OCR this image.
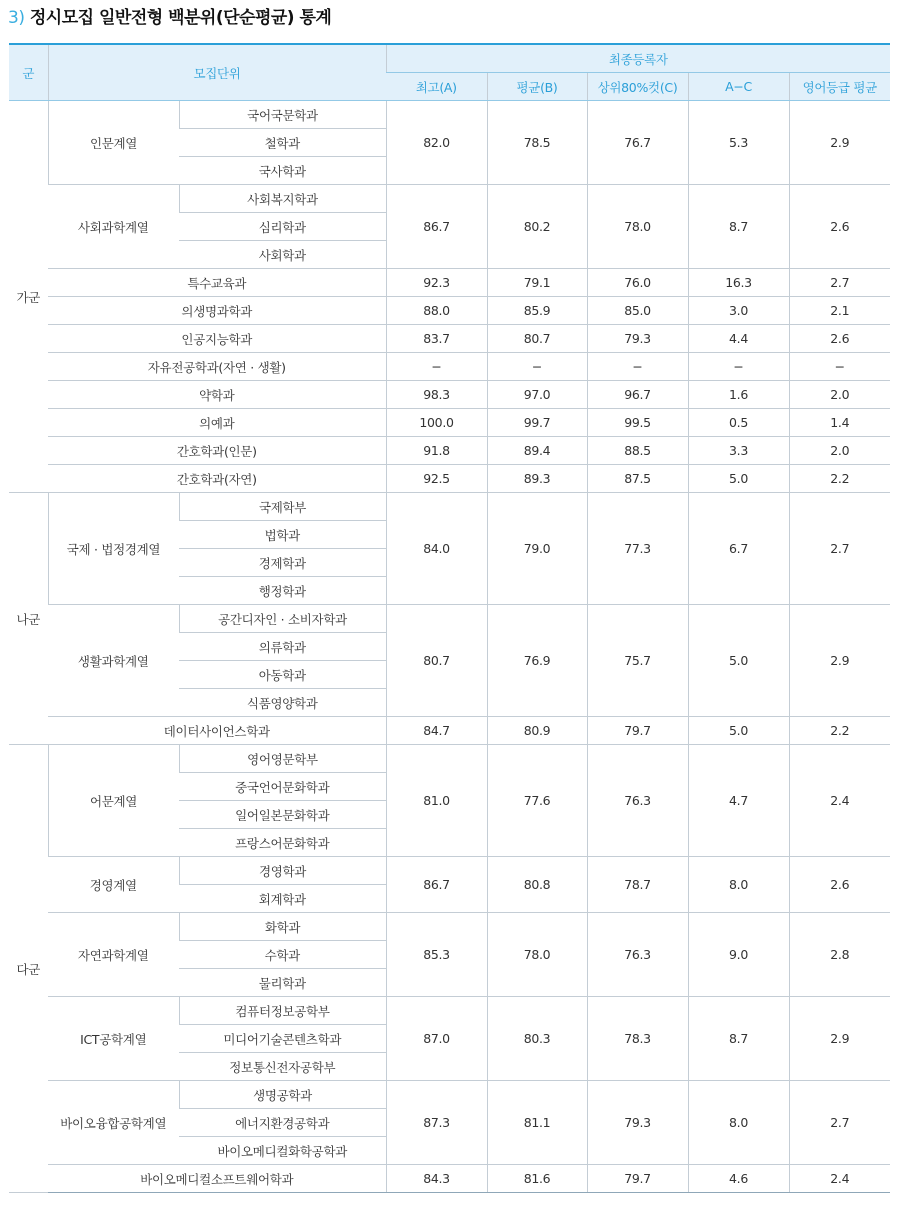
3) 정시모집 일반전형 백분위(단순평균) 통계
군	모집단위		최종등록자				
			최고(A)	평균(B)	상위80%컷(C)	A−C	영어등급 평균
가군	인문계열	국어국문학과	82.0	78.5	76.7	5.3	2.9
		철학과					
		국사학과					
	사회과학계열	사회복지학과	86.7	80.2	78.0	8.7	2.6
		심리학과					
		사회학과					
	특수교육과		92.3	79.1	76.0	16.3	2.7
	의생명과학과		88.0	85.9	85.0	3.0	2.1
	인공지능학과		83.7	80.7	79.3	4.4	2.6
	자유전공학과(자연 · 생활)		−	−	−	−	−
	약학과		98.3	97.0	96.7	1.6	2.0
	의예과		100.0	99.7	99.5	0.5	1.4
	간호학과(인문)		91.8	89.4	88.5	3.3	2.0
	간호학과(자연)		92.5	89.3	87.5	5.0	2.2
나군	국제 · 법정경계열	국제학부	84.0	79.0	77.3	6.7	2.7
		법학과					
		경제학과					
		행정학과					
	생활과학계열	공간디자인 · 소비자학과	80.7	76.9	75.7	5.0	2.9
		의류학과					
		아동학과					
		식품영양학과					
	데이터사이언스학과		84.7	80.9	79.7	5.0	2.2
다군	어문계열	영어영문학부	81.0	77.6	76.3	4.7	2.4
		중국언어문화학과					
		일어일본문화학과					
		프랑스어문화학과					
	경영계열	경영학과	86.7	80.8	78.7	8.0	2.6
		회계학과					
	자연과학계열	화학과	85.3	78.0	76.3	9.0	2.8
		수학과					
		물리학과					
	ICT공학계열	컴퓨터정보공학부	87.0	80.3	78.3	8.7	2.9
		미디어기술콘텐츠학과					
		정보통신전자공학부					
	바이오융합공학계열	생명공학과	87.3	81.1	79.3	8.0	2.7
		에너지환경공학과					
		바이오메디컬화학공학과					
	바이오메디컬소프트웨어학과		84.3	81.6	79.7	4.6	2.4
